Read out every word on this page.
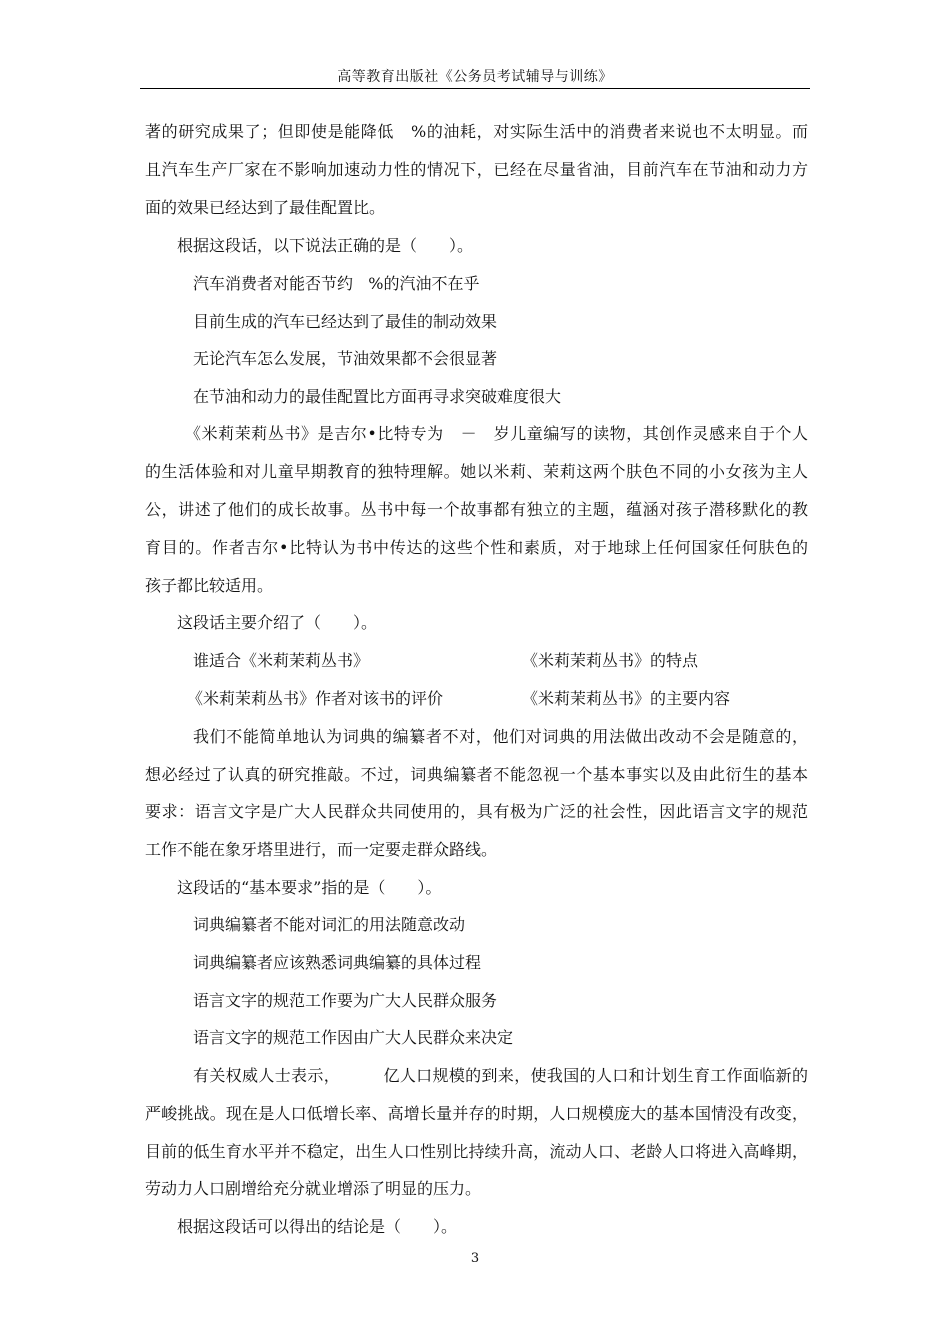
高等教育出版社《公务员考试辅导与训练》
著的研究成果了；但即使是能降低   %的油耗，对实际生活中的消费者来说也不太明显。而
且汽车生产厂家在不影响加速动力性的情况下，已经在尽量省油，目前汽车在节油和动力方
面的效果已经达到了最佳配置比。
根据这段话，以下说法正确的是（　　）。
汽车消费者对能否节约   %的汽油不在乎
目前生成的汽车已经达到了最佳的制动效果
无论汽车怎么发展，节油效果都不会很显著
在节油和动力的最佳配置比方面再寻求突破难度很大
《米莉茉莉丛书》是吉尔•比特专为   －   岁儿童编写的读物，其创作灵感来自于个人
的生活体验和对儿童早期教育的独特理解。她以米莉、茉莉这两个肤色不同的小女孩为主人
公，讲述了他们的成长故事。丛书中每一个故事都有独立的主题，蕴涵对孩子潜移默化的教
育目的。作者吉尔•比特认为书中传达的这些个性和素质，对于地球上任何国家任何肤色的
孩子都比较适用。
这段话主要介绍了（　　）。
谁适合《米莉茉莉丛书》	《米莉茉莉丛书》的特点
《米莉茉莉丛书》作者对该书的评价	《米莉茉莉丛书》的主要内容
我们不能简单地认为词典的编纂者不对，他们对词典的用法做出改动不会是随意的，
想必经过了认真的研究推敲。不过，词典编纂者不能忽视一个基本事实以及由此衍生的基本
要求：语言文字是广大人民群众共同使用的，具有极为广泛的社会性，因此语言文字的规范
工作不能在象牙塔里进行，而一定要走群众路线。
这段话的“基本要求”指的是（　　）。
词典编纂者不能对词汇的用法随意改动
词典编纂者应该熟悉词典编纂的具体过程
语言文字的规范工作要为广大人民群众服务
语言文字的规范工作因由广大人民群众来决定
有关权威人士表示，        亿人口规模的到来，使我国的人口和计划生育工作面临新的
严峻挑战。现在是人口低增长率、高增长量并存的时期，人口规模庞大的基本国情没有改变，
目前的低生育水平并不稳定，出生人口性别比持续升高，流动人口、老龄人口将进入高峰期，
劳动力人口剧增给充分就业增添了明显的压力。
根据这段话可以得出的结论是（　　）。
3
